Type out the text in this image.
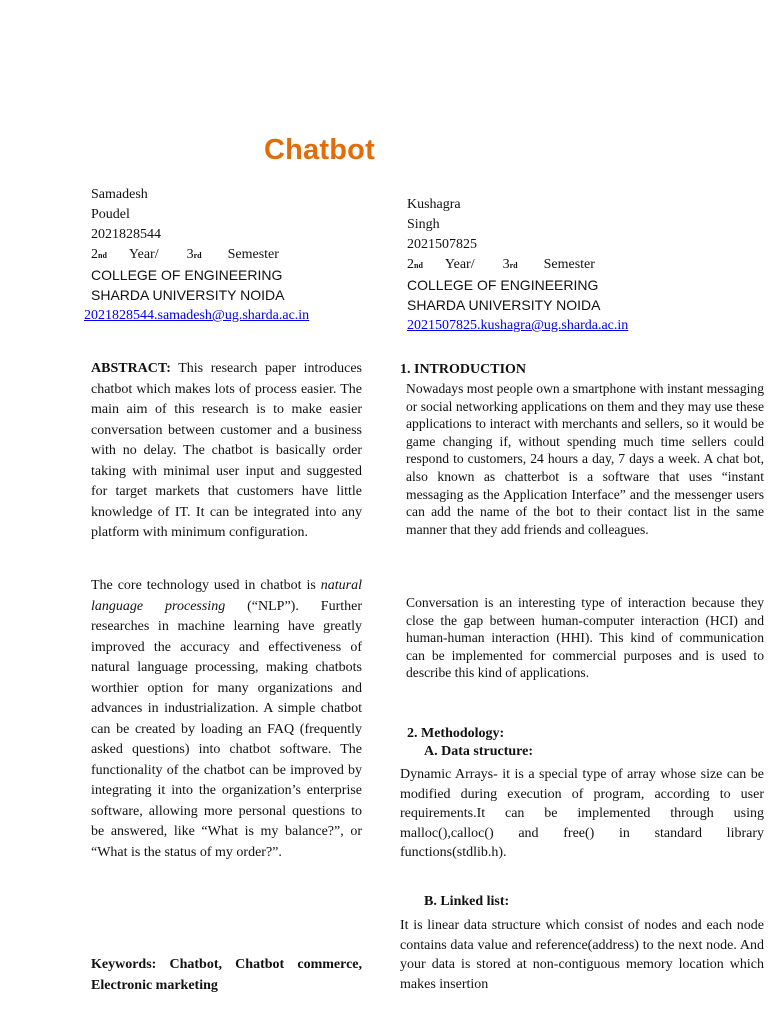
Chatbot
Samadesh
Poudel
2021828544
2 nd Year/ 3 rd Semester
COLLEGE OF ENGINEERING
SHARDA UNIVERSITY NOIDA
2021828544.samadesh@ug.sharda.ac.in
Kushagra
Singh
2021507825
2 nd Year/ 3 rd Semester
COLLEGE OF ENGINEERING
SHARDA UNIVERSITY NOIDA
2021507825.kushagra@ug.sharda.ac.in
ABSTRACT: This research paper introduces chatbot which makes lots of process easier. The main aim of this research is to make easier conversation between customer and a business with no delay. The chatbot is basically order taking with minimal user input and suggested for target markets that customers have little knowledge of IT. It can be integrated into any platform with minimum configuration.
The core technology used in chatbot is natural language processing (“NLP”). Further researches in machine learning have greatly improved the accuracy and effectiveness of natural language processing, making chatbots worthier option for many organizations and advances in industrialization. A simple chatbot can be created by loading an FAQ (frequently asked questions) into chatbot software. The functionality of the chatbot can be improved by integrating it into the organization’s enterprise software, allowing more personal questions to be answered, like “What is my balance?”, or “What is the status of my order?”.
Keywords: Chatbot, Chatbot commerce, Electronic marketing
1. INTRODUCTION

Nowadays most people own a smartphone with instant messaging or social networking applications on them and they may use these applications to interact with merchants and sellers, so it would be game changing if, without spending much time sellers could respond to customers, 24 hours a day, 7 days a week. A chat bot, also known as chatterbot is a software that uses “instant messaging as the Application Interface” and the messenger users can add the name of the bot to their contact list in the same manner that they add friends and colleagues.

Conversation is an interesting type of interaction because they close the gap between human-computer interaction (HCI) and human-human interaction (HHI). This kind of communication can be implemented for commercial purposes and is used to describe this kind of applications.

2. Methodology:
A. Data structure:

Dynamic Arrays- it is a special type of array whose size can be modified during execution of program, according to user requirements.It can be implemented through using malloc(),calloc() and free() in standard library functions(stdlib.h).

B. Linked list:

It is linear data structure which consist of nodes and each node contains data value and reference(address) to the next node. And your data is stored at non-contiguous memory location which makes insertion
